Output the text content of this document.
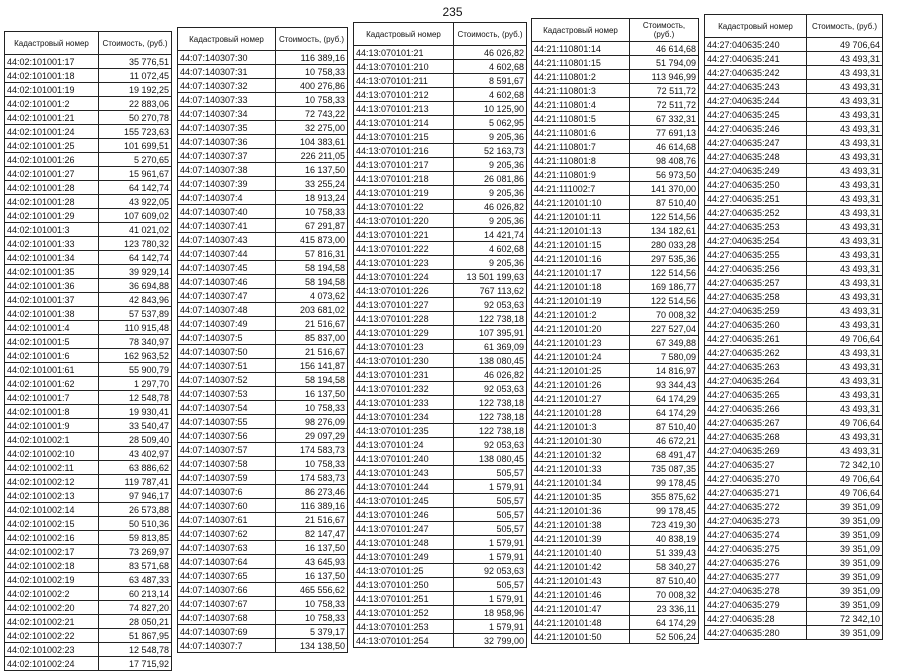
235
Кадастровый номер	Стоимость, (руб.)
44:02:101001:17	35 776,51
44:02:101001:18	11 072,45
44:02:101001:19	19 192,25
44:02:101001:2	22 883,06
44:02:101001:21	50 270,78
44:02:101001:24	155 723,63
44:02:101001:25	101 699,51
44:02:101001:26	5 270,65
44:02:101001:27	15 961,67
44:02:101001:28	64 142,74
44:02:101001:28	43 922,05
44:02:101001:29	107 609,02
44:02:101001:3	41 021,02
44:02:101001:33	123 780,32
44:02:101001:34	64 142,74
44:02:101001:35	39 929,14
44:02:101001:36	36 694,88
44:02:101001:37	42 843,96
44:02:101001:38	57 537,89
44:02:101001:4	110 915,48
44:02:101001:5	78 340,97
44:02:101001:6	162 963,52
44:02:101001:61	55 900,79
44:02:101001:62	1 297,70
44:02:101001:7	12 548,78
44:02:101001:8	19 930,41
44:02:101001:9	33 540,47
44:02:101002:1	28 509,40
44:02:101002:10	43 402,97
44:02:101002:11	63 886,62
44:02:101002:12	119 787,41
44:02:101002:13	97 946,17
44:02:101002:14	26 573,88
44:02:101002:15	50 510,36
44:02:101002:16	59 813,85
44:02:101002:17	73 269,97
44:02:101002:18	83 571,68
44:02:101002:19	63 487,33
44:02:101002:2	60 213,14
44:02:101002:20	74 827,20
44:02:101002:21	28 050,21
44:02:101002:22	51 867,95
44:02:101002:23	12 548,78
44:02:101002:24	17 715,92
Кадастровый номер	Стоимость, (руб.)
44:07:140307:30	116 389,16
44:07:140307:31	10 758,33
44:07:140307:32	400 276,86
44:07:140307:33	10 758,33
44:07:140307:34	72 743,22
44:07:140307:35	32 275,00
44:07:140307:36	104 383,61
44:07:140307:37	226 211,05
44:07:140307:38	16 137,50
44:07:140307:39	33 255,24
44:07:140307:4	18 913,24
44:07:140307:40	10 758,33
44:07:140307:41	67 291,87
44:07:140307:43	415 873,00
44:07:140307:44	57 816,31
44:07:140307:45	58 194,58
44:07:140307:46	58 194,58
44:07:140307:47	4 073,62
44:07:140307:48	203 681,02
44:07:140307:49	21 516,67
44:07:140307:5	85 837,00
44:07:140307:50	21 516,67
44:07:140307:51	156 141,87
44:07:140307:52	58 194,58
44:07:140307:53	16 137,50
44:07:140307:54	10 758,33
44:07:140307:55	98 276,09
44:07:140307:56	29 097,29
44:07:140307:57	174 583,73
44:07:140307:58	10 758,33
44:07:140307:59	174 583,73
44:07:140307:6	86 273,46
44:07:140307:60	116 389,16
44:07:140307:61	21 516,67
44:07:140307:62	82 147,47
44:07:140307:63	16 137,50
44:07:140307:64	43 645,93
44:07:140307:65	16 137,50
44:07:140307:66	465 556,62
44:07:140307:67	10 758,33
44:07:140307:68	10 758,33
44:07:140307:69	5 379,17
44:07:140307:7	134 138,50
Кадастровый номер	Стоимость, (руб.)
44:13:070101:21	46 026,82
44:13:070101:210	4 602,68
44:13:070101:211	8 591,67
44:13:070101:212	4 602,68
44:13:070101:213	10 125,90
44:13:070101:214	5 062,95
44:13:070101:215	9 205,36
44:13:070101:216	52 163,73
44:13:070101:217	9 205,36
44:13:070101:218	26 081,86
44:13:070101:219	9 205,36
44:13:070101:22	46 026,82
44:13:070101:220	9 205,36
44:13:070101:221	14 421,74
44:13:070101:222	4 602,68
44:13:070101:223	9 205,36
44:13:070101:224	13 501 199,63
44:13:070101:226	767 113,62
44:13:070101:227	92 053,63
44:13:070101:228	122 738,18
44:13:070101:229	107 395,91
44:13:070101:23	61 369,09
44:13:070101:230	138 080,45
44:13:070101:231	46 026,82
44:13:070101:232	92 053,63
44:13:070101:233	122 738,18
44:13:070101:234	122 738,18
44:13:070101:235	122 738,18
44:13:070101:24	92 053,63
44:13:070101:240	138 080,45
44:13:070101:243	505,57
44:13:070101:244	1 579,91
44:13:070101:245	505,57
44:13:070101:246	505,57
44:13:070101:247	505,57
44:13:070101:248	1 579,91
44:13:070101:249	1 579,91
44:13:070101:25	92 053,63
44:13:070101:250	505,57
44:13:070101:251	1 579,91
44:13:070101:252	18 958,96
44:13:070101:253	1 579,91
44:13:070101:254	32 799,00
Кадастровый номер	Стоимость, (руб.)
44:21:110801:14	46 614,68
44:21:110801:15	51 794,09
44:21:110801:2	113 946,99
44:21:110801:3	72 511,72
44:21:110801:4	72 511,72
44:21:110801:5	67 332,31
44:21:110801:6	77 691,13
44:21:110801:7	46 614,68
44:21:110801:8	98 408,76
44:21:110801:9	56 973,50
44:21:111002:7	141 370,00
44:21:120101:10	87 510,40
44:21:120101:11	122 514,56
44:21:120101:13	134 182,61
44:21:120101:15	280 033,28
44:21:120101:16	297 535,36
44:21:120101:17	122 514,56
44:21:120101:18	169 186,77
44:21:120101:19	122 514,56
44:21:120101:2	70 008,32
44:21:120101:20	227 527,04
44:21:120101:23	67 349,88
44:21:120101:24	7 580,09
44:21:120101:25	14 816,97
44:21:120101:26	93 344,43
44:21:120101:27	64 174,29
44:21:120101:28	64 174,29
44:21:120101:3	87 510,40
44:21:120101:30	46 672,21
44:21:120101:32	68 491,47
44:21:120101:33	735 087,35
44:21:120101:34	99 178,45
44:21:120101:35	355 875,62
44:21:120101:36	99 178,45
44:21:120101:38	723 419,30
44:21:120101:39	40 838,19
44:21:120101:40	51 339,43
44:21:120101:42	58 340,27
44:21:120101:43	87 510,40
44:21:120101:46	70 008,32
44:21:120101:47	23 336,11
44:21:120101:48	64 174,29
44:21:120101:50	52 506,24
Кадастровый номер	Стоимость, (руб.)
44:27:040635:240	49 706,64
44:27:040635:241	43 493,31
44:27:040635:242	43 493,31
44:27:040635:243	43 493,31
44:27:040635:244	43 493,31
44:27:040635:245	43 493,31
44:27:040635:246	43 493,31
44:27:040635:247	43 493,31
44:27:040635:248	43 493,31
44:27:040635:249	43 493,31
44:27:040635:250	43 493,31
44:27:040635:251	43 493,31
44:27:040635:252	43 493,31
44:27:040635:253	43 493,31
44:27:040635:254	43 493,31
44:27:040635:255	43 493,31
44:27:040635:256	43 493,31
44:27:040635:257	43 493,31
44:27:040635:258	43 493,31
44:27:040635:259	43 493,31
44:27:040635:260	43 493,31
44:27:040635:261	49 706,64
44:27:040635:262	43 493,31
44:27:040635:263	43 493,31
44:27:040635:264	43 493,31
44:27:040635:265	43 493,31
44:27:040635:266	43 493,31
44:27:040635:267	49 706,64
44:27:040635:268	43 493,31
44:27:040635:269	43 493,31
44:27:040635:27	72 342,10
44:27:040635:270	49 706,64
44:27:040635:271	49 706,64
44:27:040635:272	39 351,09
44:27:040635:273	39 351,09
44:27:040635:274	39 351,09
44:27:040635:275	39 351,09
44:27:040635:276	39 351,09
44:27:040635:277	39 351,09
44:27:040635:278	39 351,09
44:27:040635:279	39 351,09
44:27:040635:28	72 342,10
44:27:040635:280	39 351,09
